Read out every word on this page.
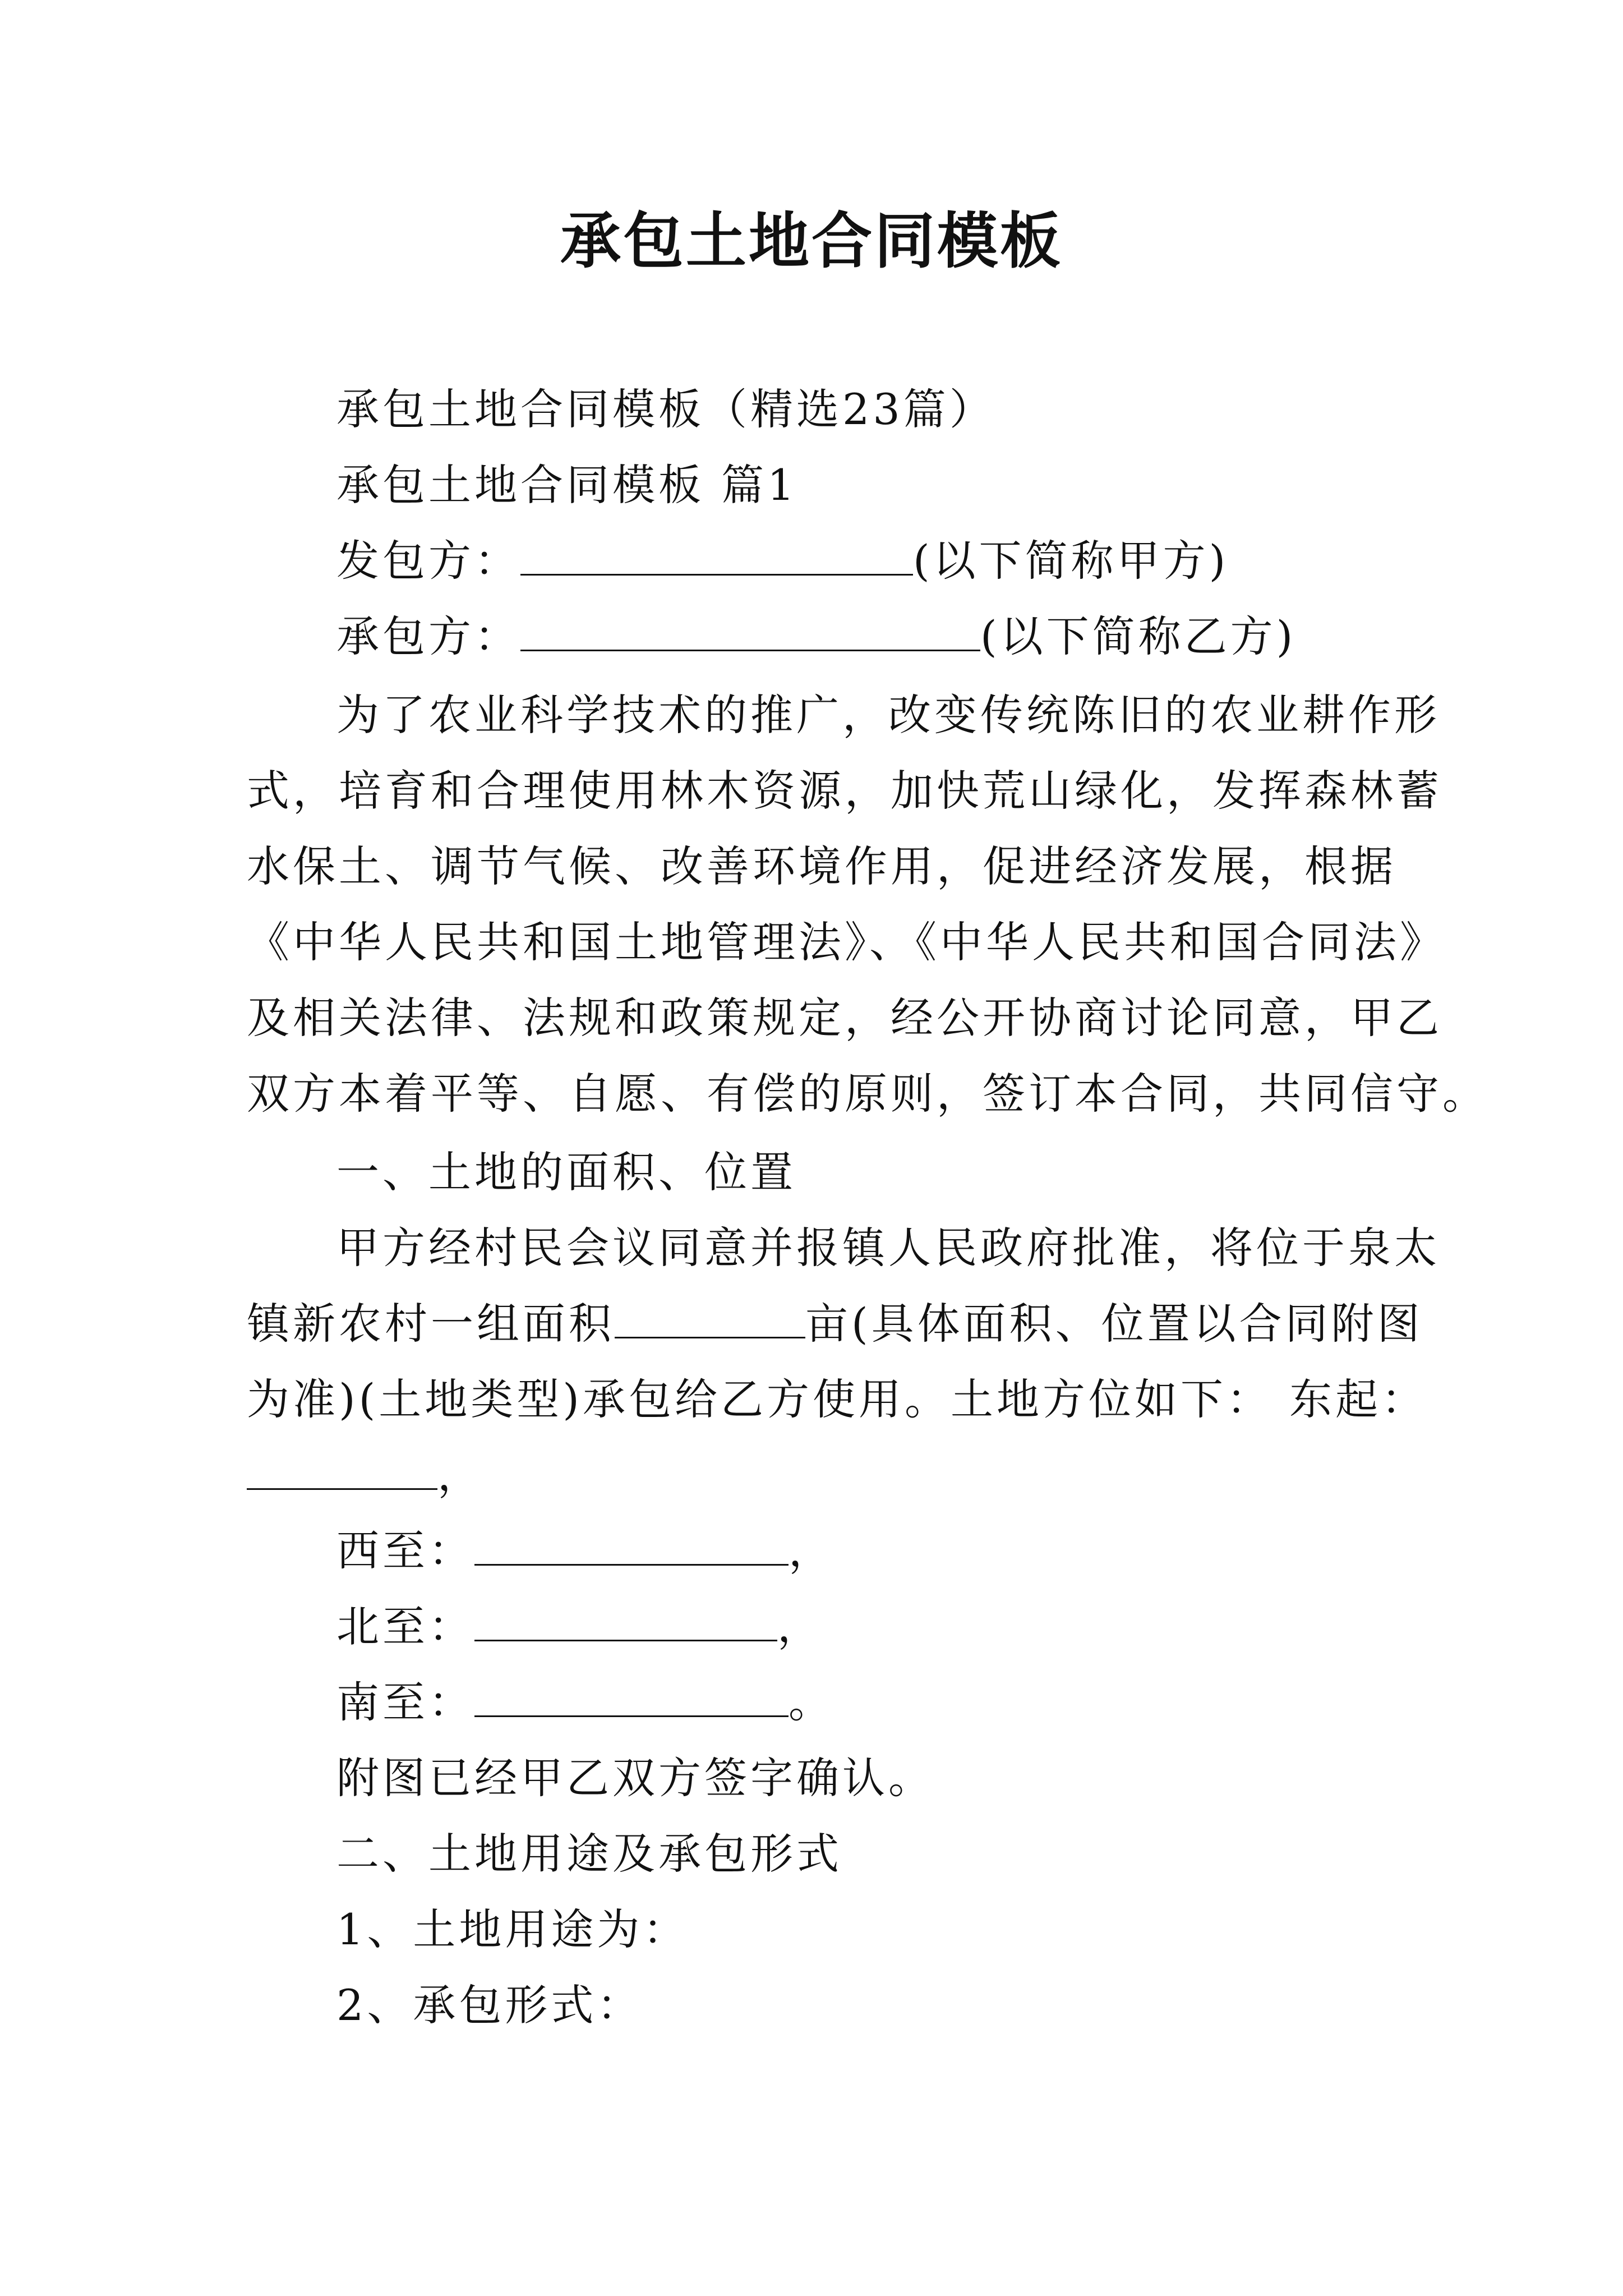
承包土地合同模板
承包土地合同模板（精选23篇）
承包土地合同模板 篇1
发包方：	(以下简称甲方)
承包方：	(以下简称乙方)
为了农业科学技术的推广，改变传统陈旧的农业耕作形
式，培育和合理使用林木资源，加快荒山绿化，发挥森林蓄
水保土、调节气候、改善环境作用，促进经济发展，根据
《中华人民共和国土地管理法》、《中华人民共和国合同法》
及相关法律、法规和政策规定，经公开协商讨论同意，甲乙
双方本着平等、自愿、有偿的原则，签订本合同，共同信守。
一、土地的面积、位置
甲方经村民会议同意并报镇人民政府批准，将位于泉太
镇新农村一组面积	亩(具体面积、位置以合同附图
为准)(土地类型)承包给乙方使用。土地方位如下： 东起：
，
西至：	，
北至：	，
南至：	。
附图已经甲乙双方签字确认。
二、土地用途及承包形式
1、土地用途为：
2、承包形式：
